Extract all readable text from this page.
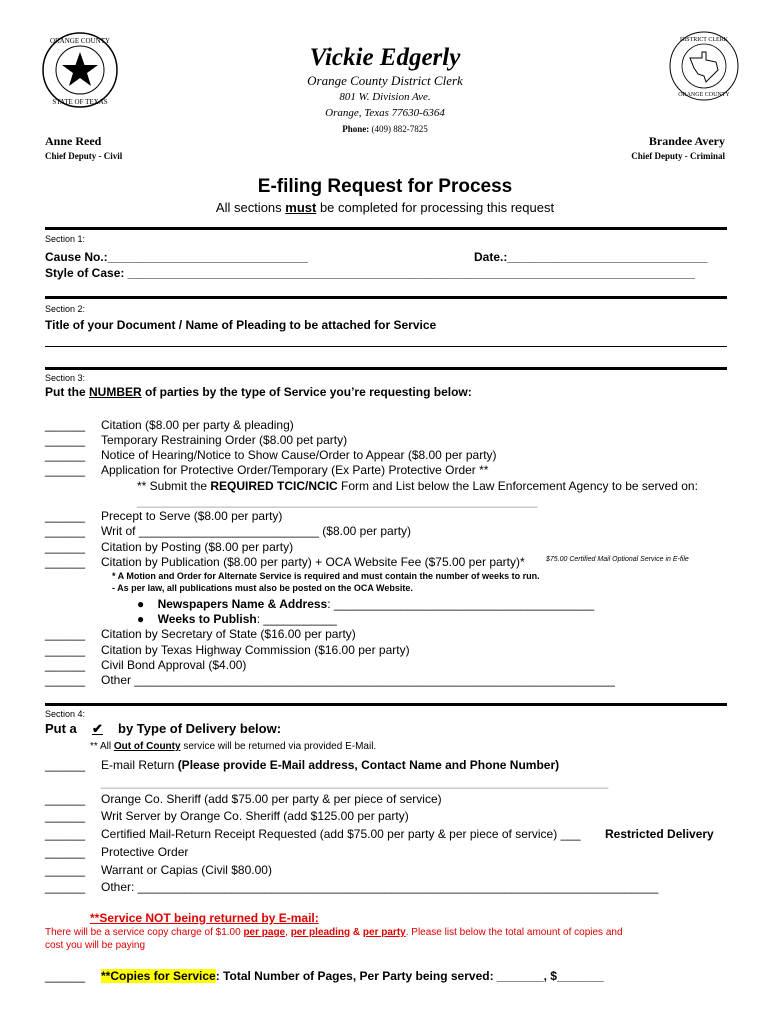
ORANGE COUNTY
STATE OF TEXAS
DISTRICT CLERK
ORANGE COUNTY
Vickie Edgerly
Orange County District Clerk
801 W. Division Ave.
Orange, Texas 77630-6364
Phone: (409) 882-7825
Anne Reed
Chief Deputy - Civil
Brandee Avery
Chief Deputy - Criminal
E-filing Request for Process
All sections must be completed for processing this request
Section 1:
Cause No.:______________________________	Date.:______________________________
Style of Case: _____________________________________________________________________________________
Section 2:
Title of your Document / Name of Pleading to be attached for Service
Section 3:
Put the NUMBER of parties by the type of Service you’re requesting below:
______ Citation ($8.00 per party & pleading)
______ Temporary Restraining Order ($8.00 pet party)
______ Notice of Hearing/Notice to Show Cause/Order to Appear ($8.00 per party)
______ Application for Protective Order/Temporary (Ex Parte) Protective Order **
** Submit the REQUIRED TCIC/NCIC Form and List below the Law Enforcement Agency to be served on:
____________________________________________________________
______ Precept to Serve ($8.00 per party)
______ Writ of ___________________________ ($8.00 per party)
______ Citation by Posting ($8.00 per party)
______ Citation by Publication ($8.00 per party) + OCA Website Fee ($75.00 per party)*	$75.00 Certified Mail Optional Service in E-file
* A Motion and Order for Alternate Service is required and must contain the number of weeks to run.
- As per law, all publications must also be posted on the OCA Website.
● Newspapers Name & Address: _______________________________________
● Weeks to Publish: ___________
______ Citation by Secretary of State ($16.00 per party)
______ Citation by Texas Highway Commission ($16.00 per party)
______ Civil Bond Approval ($4.00)
______ Other ________________________________________________________________________
Section 4:
Put a ✔ by Type of Delivery below:
** All Out of County service will be returned via provided E-Mail.
______ E-mail Return (Please provide E-Mail address, Contact Name and Phone Number)
____________________________________________________________________________
______ Orange Co. Sheriff (add $75.00 per party & per piece of service)
______ Writ Server by Orange Co. Sheriff (add $125.00 per party)
______ Certified Mail-Return Receipt Requested (add $75.00 per party & per piece of service) ___ Restricted Delivery
______ Protective Order
______ Warrant or Capias (Civil $80.00)
______ Other: ______________________________________________________________________________
**Service NOT being returned by E-mail:
There will be a service copy charge of $1.00 per page, per pleading & per party. Please list below the total amount of copies and
cost you will be paying
______ **Copies for Service: Total Number of Pages, Per Party being served: _______, $_______
